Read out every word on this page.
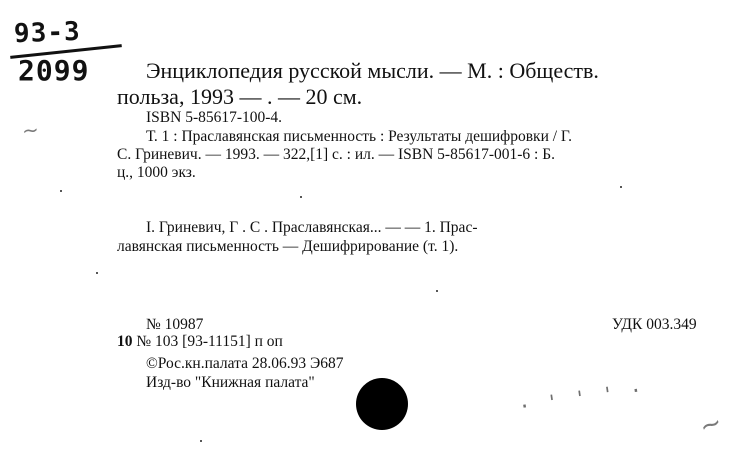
93-3
2099	Энциклопедия русской мысли. — М. : Обществ.
польза, 1993 — . — 20 см.
ISBN 5-85617-100-4.
Т. 1 : Праславянская письменность : Результаты дешифровки / Г.
С. Гриневич. — 1993. — 322,[1] с. : ил. — ISBN 5-85617-001-6 : Б.
ц., 1000 экз.
I. Гриневич, Г . С . Праславянская... — — 1. Прас-
лавянская письменность — Дешифрирование (т. 1).
№ 10987	УДК 003.349
10 № 103 [93-11151] п оп
©Рос.кн.палата 28.06.93 Э687
Изд-во "Книжная палата"	· ' ' ' ·
~
~
